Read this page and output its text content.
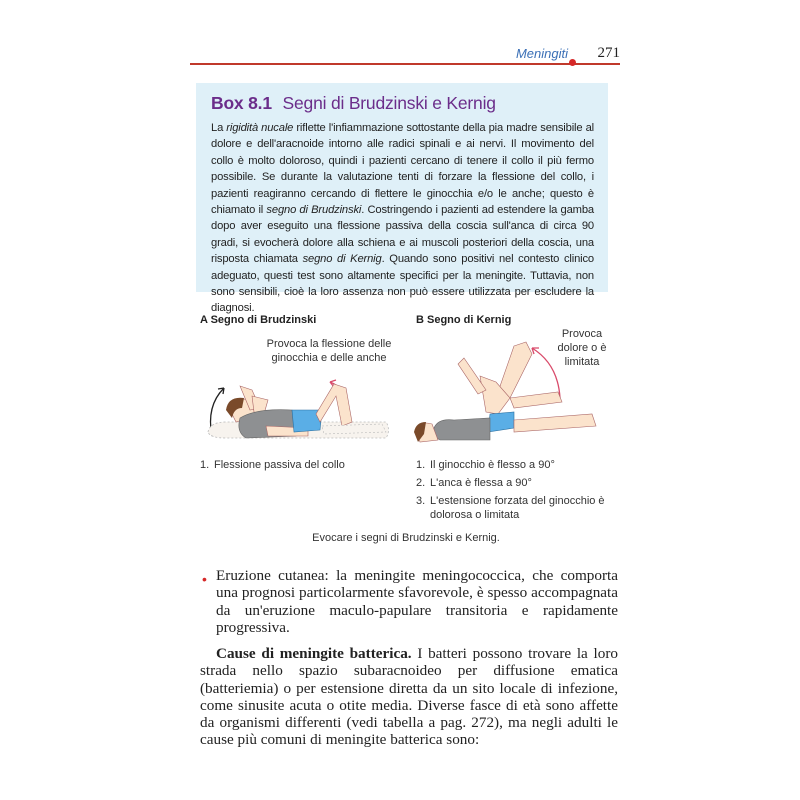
Meningiti 271
Box 8.1 Segni di Brudzinski e Kernig

La rigidità nucale riflette l'infiammazione sottostante della pia madre sensibile al dolore e dell'aracnoide intorno alle radici spinali e ai nervi. Il movimento del collo è molto doloroso, quindi i pazienti cercano di tenere il collo il più fermo possibile. Se durante la valutazione tenti di forzare la flessione del collo, i pazienti reagiranno cercando di flettere le ginocchia e/o le anche; questo è chiamato il segno di Brudzinski. Costringendo i pazienti ad estendere la gamba dopo aver eseguito una flessione passiva della coscia sull'anca di circa 90 gradi, si evocherà dolore alla schiena e ai muscoli posteriori della coscia, una risposta chiamata segno di Kernig. Quando sono positivi nel contesto clinico adeguato, questi test sono altamente specifici per la meningite. Tuttavia, non sono sensibili, cioè la loro assenza non può essere utilizzata per escludere la diagnosi.

A Segno di Brudzinski
Provoca la flessione delle ginocchia e delle anche
1. Flessione passiva del collo
B Segno di Kernig
Provoca dolore o è limitata
1. Il ginocchio è flesso a 90°
2. L'anca è flessa a 90°
3. L'estensione forzata del ginocchio è dolorosa o limitata
Evocare i segni di Brudzinski e Kernig.
• Eruzione cutanea: la meningite meningococcica, che comporta una prognosi particolarmente sfavorevole, è spesso accompagnata da un'eruzione maculo-papulare transitoria e rapidamente progressiva.
Cause di meningite batterica. I batteri possono trovare la loro strada nello spazio subaracnoideo per diffusione ematica (batteriemia) o per estensione diretta da un sito locale di infezione, come sinusite acuta o otite media. Diverse fasce di età sono affette da organismi differenti (vedi tabella a pag. 272), ma negli adulti le cause più comuni di meningite batterica sono:
